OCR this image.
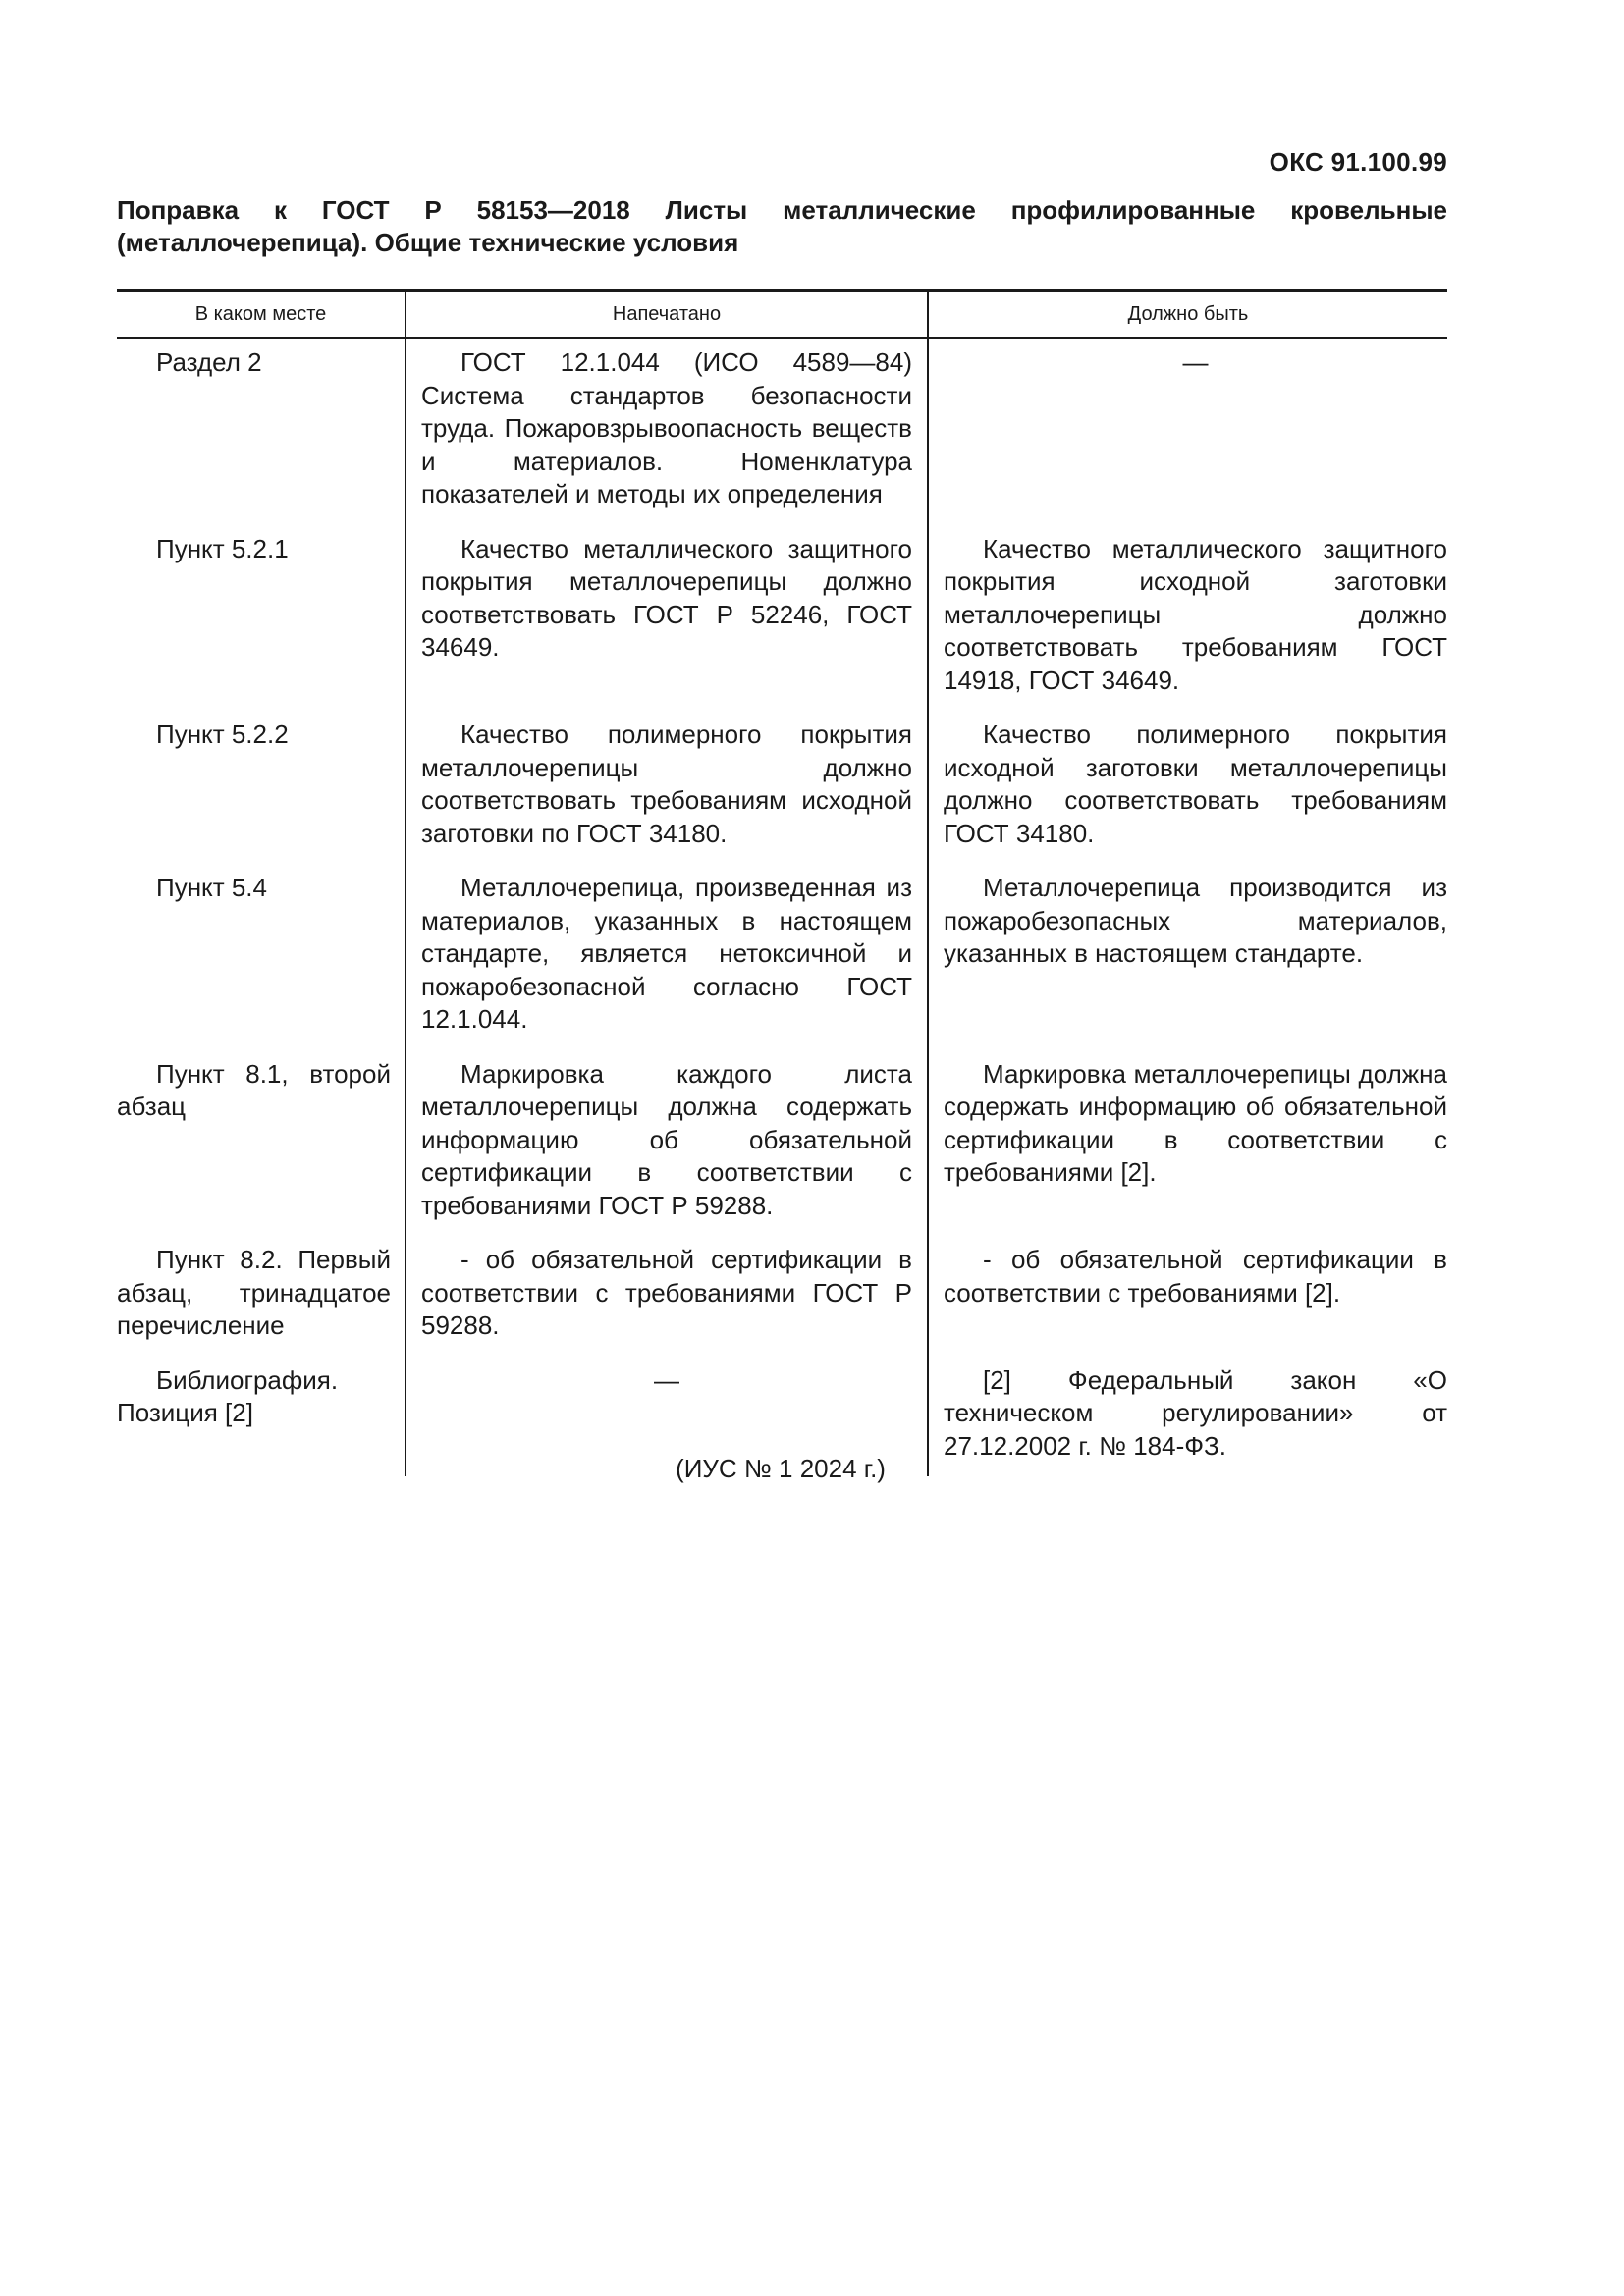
ОКС 91.100.99
Поправка к ГОСТ Р 58153—2018 Листы металлические профилированные кровельные (металлочерепица). Общие технические условия
В каком месте	Напечатано	Должно быть

Раздел 2	ГОСТ 12.1.044 (ИСО 4589—84) Система стандартов безопасности труда. Пожаровзрывоопасность веществ и материалов. Номенклатура показателей и методы их определения	—

Пункт 5.2.1	Качество металлического защитного покрытия металлочерепицы должно соответствовать ГОСТ Р 52246, ГОСТ 34649.	Качество металлического защитного покрытия исходной заготовки металлочерепицы должно соответствовать требованиям ГОСТ 14918, ГОСТ 34649.

Пункт 5.2.2	Качество полимерного покрытия металлочерепицы должно соответствовать требованиям исходной заготовки по ГОСТ 34180.	Качество полимерного покрытия исходной заготовки металлочерепицы должно соответствовать требованиям ГОСТ 34180.

Пункт 5.4	Металлочерепица, произведенная из материалов, указанных в настоящем стандарте, является нетоксичной и пожаробезопасной согласно ГОСТ 12.1.044.	Металлочерепица производится из пожаробезопасных материалов, указанных в настоящем стандарте.

Пункт 8.1, второй абзац	Маркировка каждого листа металлочерепицы должна содержать информацию об обязательной сертификации в соответствии с требованиями ГОСТ Р 59288.	Маркировка металлочерепицы должна содержать информацию об обязательной сертификации в соответствии с требованиями [2].

Пункт 8.2. Первый абзац, тринадцатое перечисление	- об обязательной сертификации в соответствии с требованиями ГОСТ Р 59288.	- об обязательной сертификации в соответствии с требованиями [2].

Библиография. Позиция [2]	—	[2] Федеральный закон «О техническом регулировании» от 27.12.2002 г. № 184-ФЗ.

(ИУС № 1 2024 г.)
